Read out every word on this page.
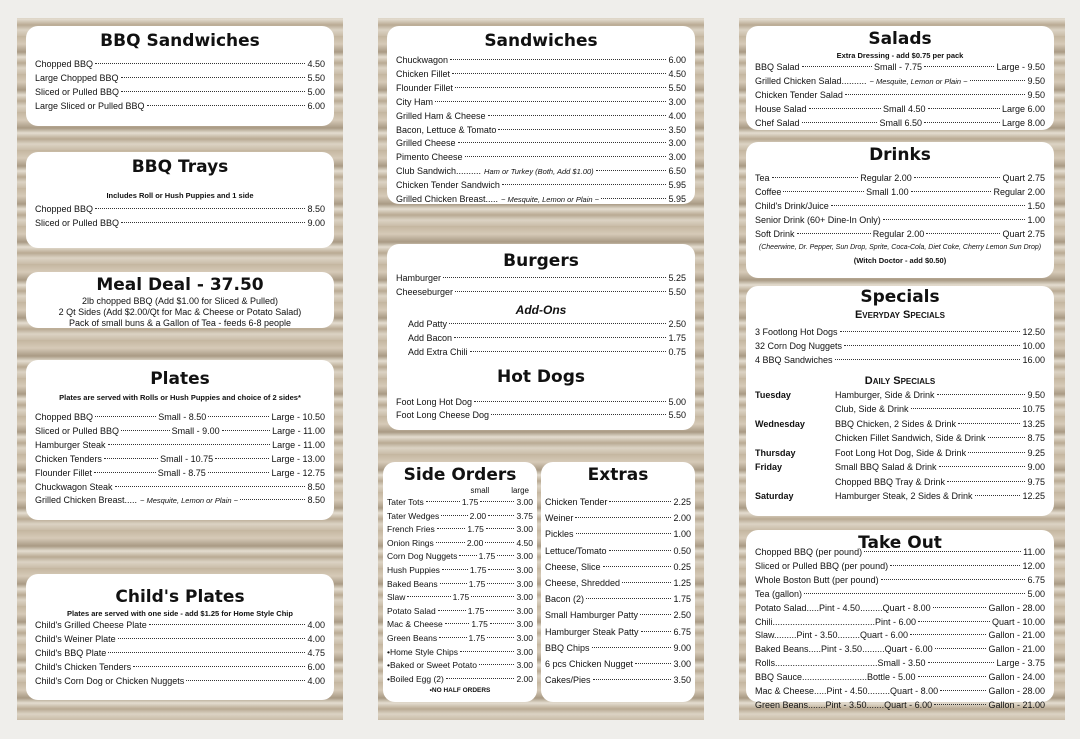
BBQ Sandwiches
Chopped BBQ	4.50
Large Chopped BBQ	5.50
Sliced or Pulled BBQ	5.00
Large Sliced or Pulled BBQ	6.00
BBQ Trays
Includes Roll or Hush Puppies and 1 side
Chopped BBQ	8.50
Sliced or Pulled BBQ	9.00
Meal Deal - 37.50
2lb chopped BBQ (Add $1.00 for Sliced & Pulled)
2 Qt Sides (Add $2.00/Qt for Mac & Cheese or Potato Salad)
Pack of small buns & a Gallon of Tea - feeds 6-8 people
Plates
Plates are served with Rolls or Hush Puppies and choice of 2 sides*
Chopped BBQ	Small - 8.50	Large - 10.50
Sliced or Pulled BBQ	Small - 9.00	Large - 11.00
Hamburger Steak	Large - 11.00
Chicken Tenders	Small - 10.75	Large - 13.00
Flounder Fillet	Small - 8.75	Large - 12.75
Chuckwagon Steak	8.50
Grilled Chicken Breast..... ~ Mesquite, Lemon or Plain ~	8.50
Child's Plates
Plates are served with one side - add $1.25 for Home Style Chip
Child's Grilled Cheese Plate	4.00
Child's Weiner Plate	4.00
Child's BBQ Plate	4.75
Child's Chicken Tenders	6.00
Child's Corn Dog or Chicken Nuggets	4.00
Sandwiches
Chuckwagon	6.00
Chicken Fillet	4.50
Flounder Fillet	5.50
City Ham	3.00
Grilled Ham & Cheese	4.00
Bacon, Lettuce & Tomato	3.50
Grilled Cheese	3.00
Pimento Cheese	3.00
Club Sandwich.......... Ham or Turkey (Both, Add $1.00)	6.50
Chicken Tender Sandwich	5.95
Grilled Chicken Breast..... ~ Mesquite, Lemon or Plain ~	5.95
Burgers
Hamburger	5.25
Cheeseburger	5.50
Add-Ons
Add Patty	2.50
Add Bacon	1.75
Add Extra Chili	0.75
Hot Dogs
Foot Long Hot Dog	5.00
Foot Long Cheese Dog	5.50
Side Orders
small	large
Tater Tots	1.75	3.00
Tater Wedges	2.00	3.75
French Fries	1.75	3.00
Onion Rings	2.00	4.50
Corn Dog Nuggets	1.75	3.00
Hush Puppies	1.75	3.00
Baked Beans	1.75	3.00
Slaw	1.75	3.00
Potato Salad	1.75	3.00
Mac & Cheese	1.75	3.00
Green Beans	1.75	3.00
•Home Style Chips	3.00
•Baked or Sweet Potato	3.00
•Boiled Egg (2)	2.00
•NO HALF ORDERS
Extras
Chicken Tender	2.25
Weiner	2.00
Pickles	1.00
Lettuce/Tomato	0.50
Cheese, Slice	0.25
Cheese, Shredded	1.25
Bacon (2)	1.75
Small Hamburger Patty	2.50
Hamburger Steak Patty	6.75
BBQ Chips	9.00
6 pcs Chicken Nugget	3.00
Cakes/Pies	3.50
Salads
Extra Dressing - add $0.75 per pack
BBQ Salad	Small - 7.75	Large - 9.50
Grilled Chicken Salad.......... ~ Mesquite, Lemon or Plain ~	9.50
Chicken Tender Salad	9.50
House Salad	Small 4.50	Large 6.00
Chef Salad	Small 6.50	Large 8.00
Drinks
Tea	Regular 2.00	Quart 2.75
Coffee	Small 1.00	Regular 2.00
Child's Drink/Juice	1.50
Senior Drink (60+ Dine-In Only)	1.00
Soft Drink	Regular 2.00	Quart 2.75
(Cheerwine, Dr. Pepper, Sun Drop, Sprite, Coca-Cola, Diet Coke, Cherry Lemon Sun Drop)
(Witch Doctor - add $0.50)
Specials
Everyday Specials
3 Footlong Hot Dogs	12.50
32 Corn Dog Nuggets	10.00
4 BBQ Sandwiches	16.00
Daily Specials
Tuesday	Hamburger, Side & Drink	9.50
Club, Side & Drink	10.75
Wednesday	BBQ Chicken, 2 Sides & Drink	13.25
Chicken Fillet Sandwich, Side & Drink	8.75
Thursday	Foot Long Hot Dog, Side & Drink	9.25
Friday	Small BBQ Salad & Drink	9.00
Chopped BBQ Tray & Drink	9.75
Saturday	Hamburger Steak, 2 Sides & Drink	12.25
Take Out
Chopped BBQ (per pound)	11.00
Sliced or Pulled BBQ (per pound)	12.00
Whole Boston Butt (per pound)	6.75
Tea (gallon)	5.00
Potato Salad.....Pint - 4.50.........Quart - 8.00	Gallon - 28.00
Chili.........................................Pint - 6.00	Quart - 10.00
Slaw.........Pint - 3.50.........Quart - 6.00	Gallon - 21.00
Baked Beans.....Pint - 3.50.........Quart - 6.00	Gallon - 21.00
Rolls.........................................Small - 3.50	Large - 3.75
BBQ Sauce..........................Bottle - 5.00	Gallon - 24.00
Mac & Cheese.....Pint - 4.50.........Quart - 8.00	Gallon - 28.00
Green Beans.......Pint - 3.50.......Quart - 6.00	Gallon - 21.00
